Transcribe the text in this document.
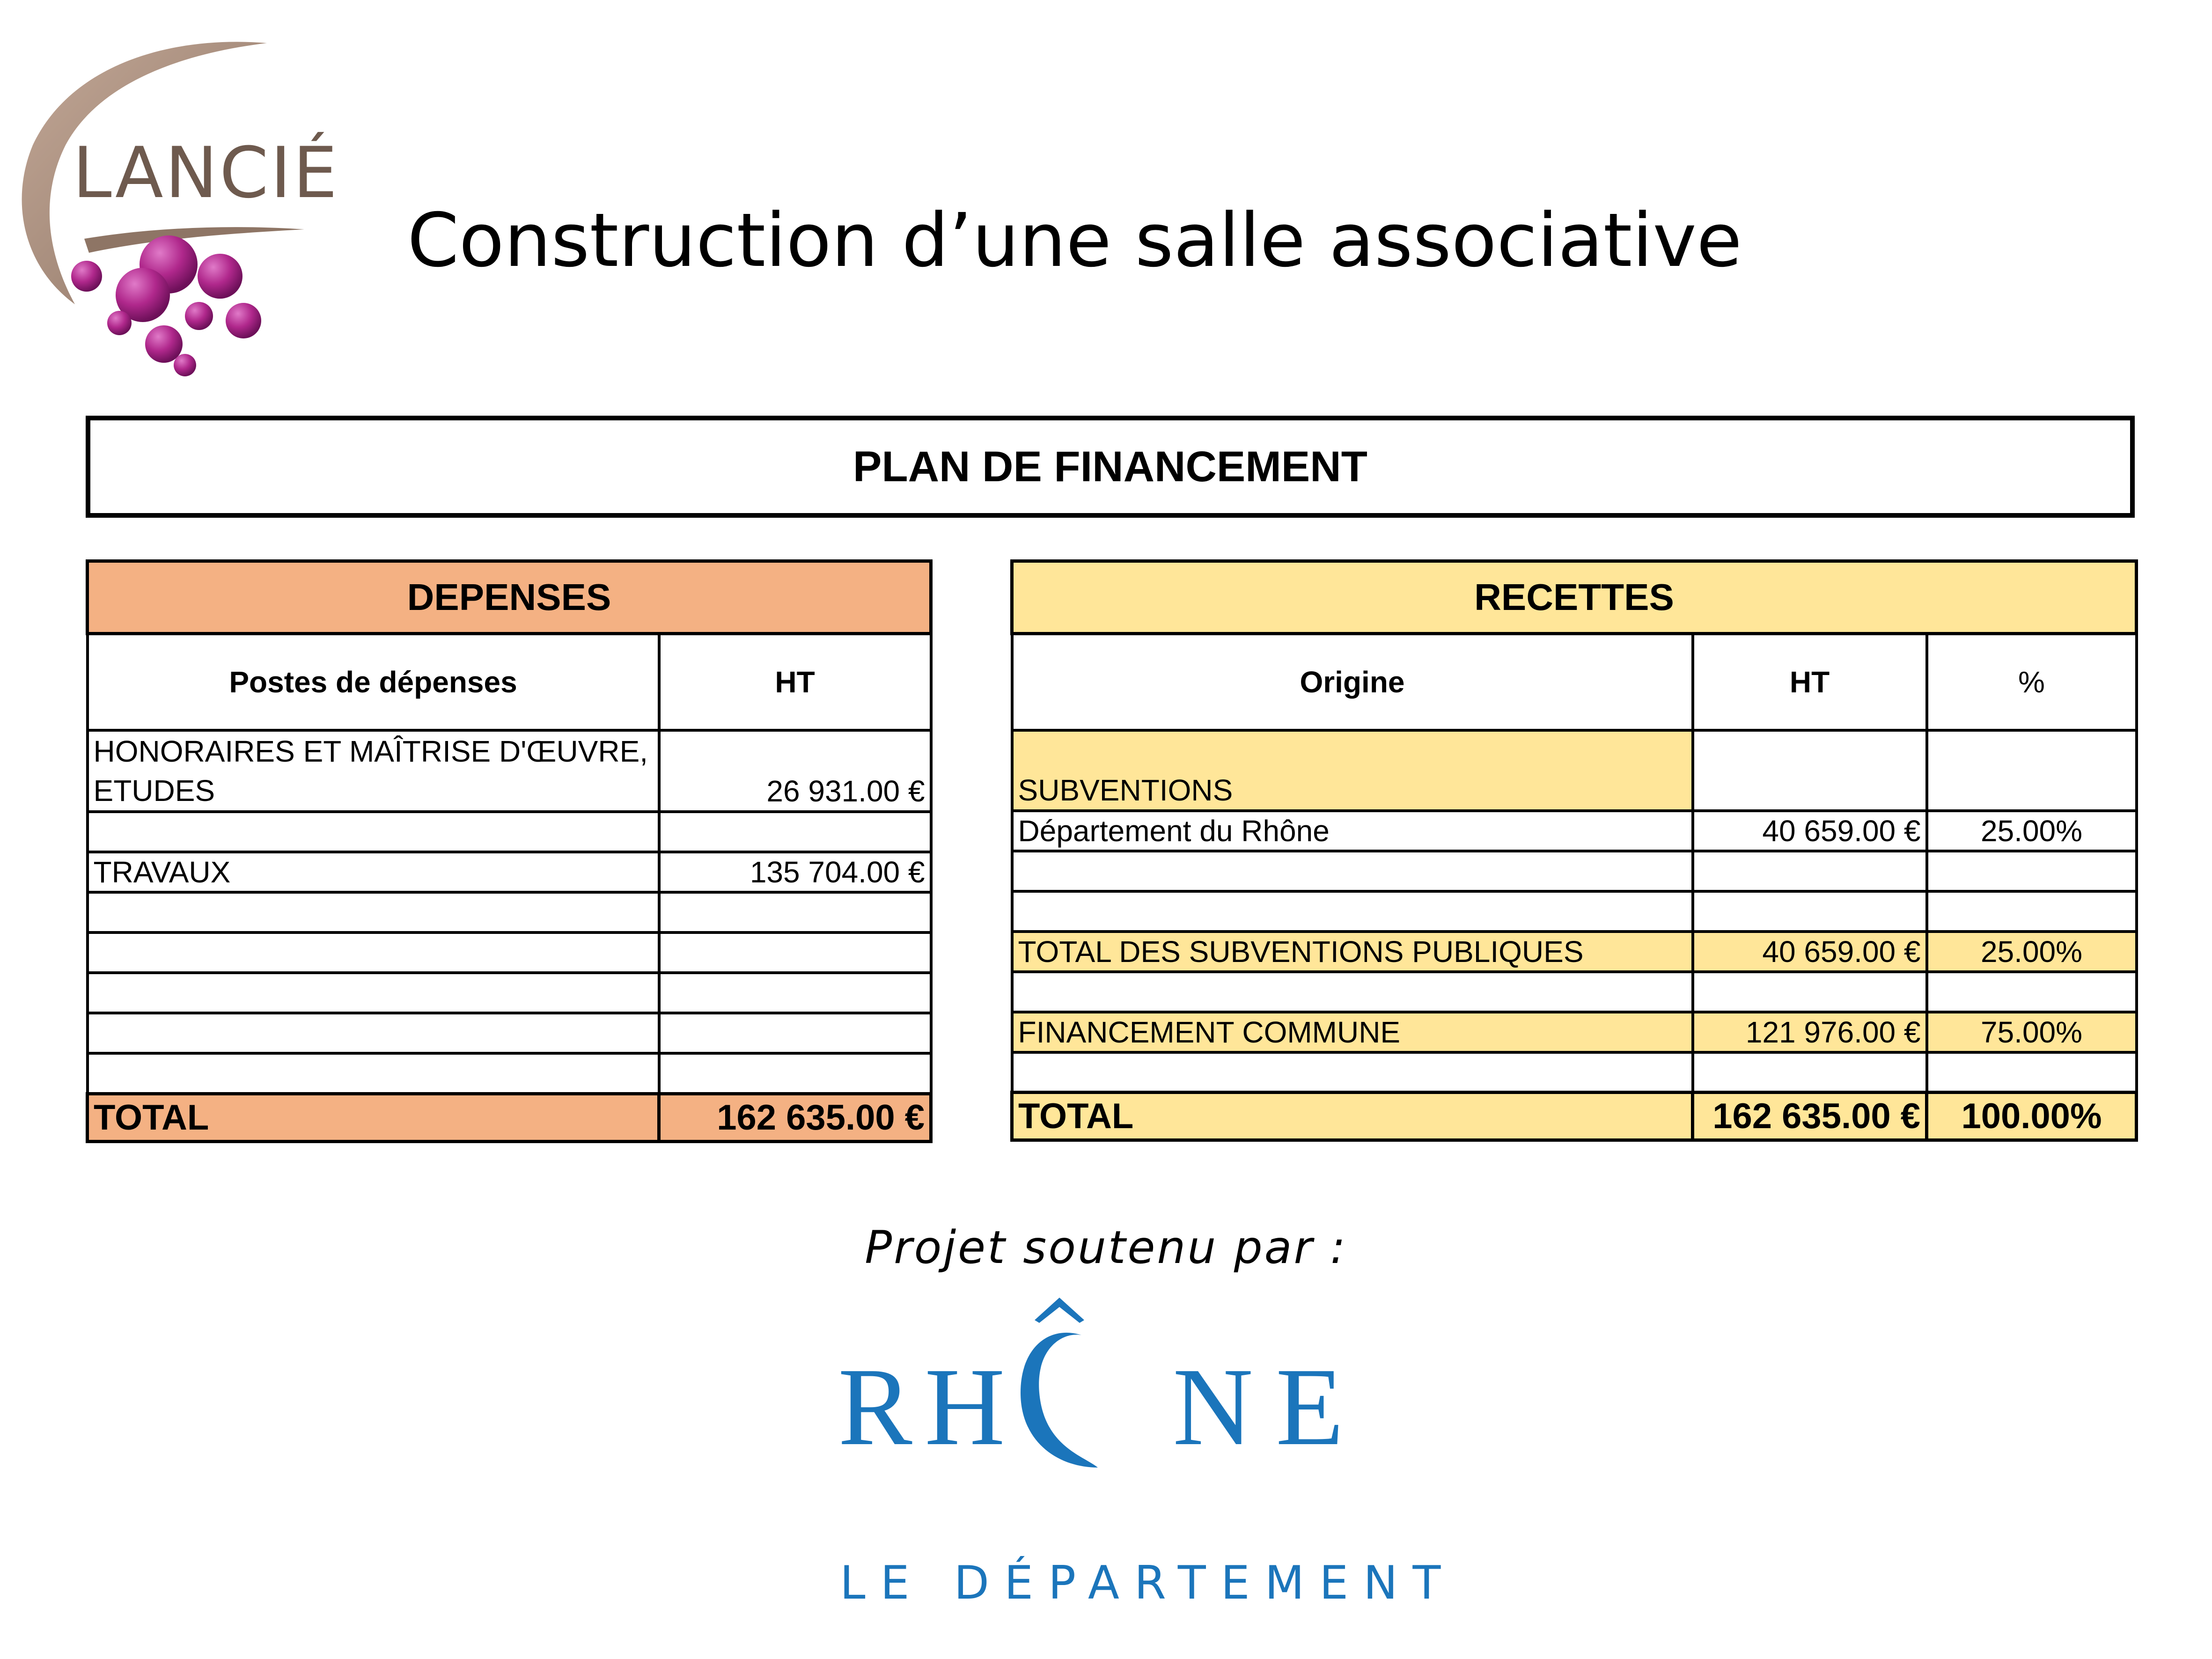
LANCIÉ
Construction d’une salle associative
PLAN DE FINANCEMENT
DEPENSES	
Postes de dépenses	HT
HONORAIRES ET MAÎTRISE D'ŒUVRE, ETUDES	26 931.00 €

TRAVAUX	135 704.00 €

TOTAL	162 635.00 €
RECETTES		
Origine	HT	%
SUBVENTIONS		
Département du Rhône	40 659.00 €	25.00%

TOTAL DES SUBVENTIONS PUBLIQUES	40 659.00 €	25.00%

FINANCEMENT COMMUNE	121 976.00 €	75.00%

TOTAL	162 635.00 €	100.00%
Projet soutenu par :
R H N E
LE DÉPARTEMENT
